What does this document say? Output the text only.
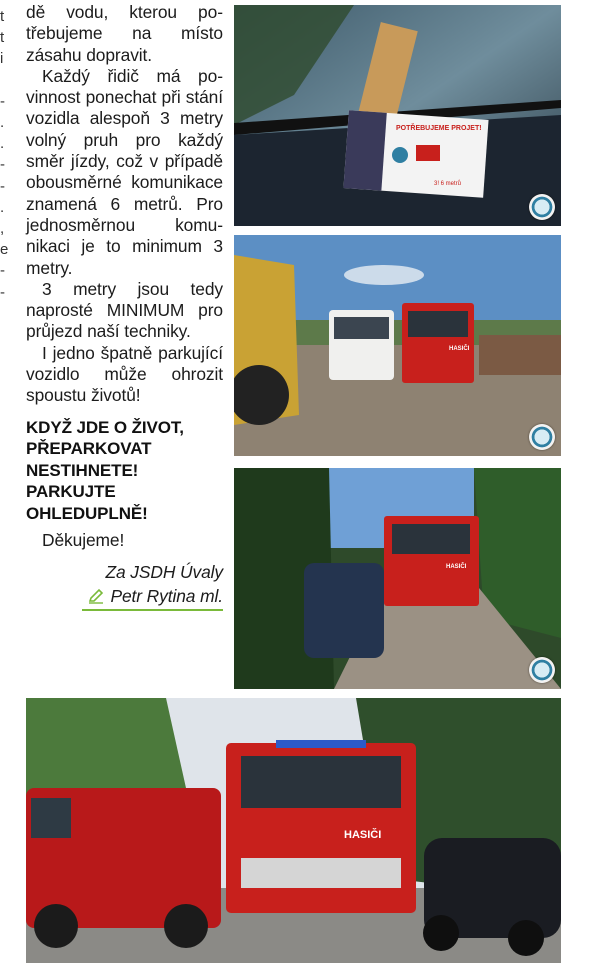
t
t
i

-
.
.
-
-
.
,
e
-
-

dě vodu, kterou potřebujeme na místo zásahu dopravit.

Každý řidič má povinnost ponechat při stání vozidla alespoň 3 metry volný pruh pro každý směr jízdy, což v případě obousměrné komunikace znamená 6 metrů. Pro jednosměrnou komunikaci je to minimum 3 metry.

3 metry jsou tedy naprosté MINIMUM pro průjezd naší techniky.

I jedno špatně parkující vozidlo může ohrozit spoustu životů!

KDYŽ JDE O ŽIVOT, PŘEPARKOVAT NESTIHNETE! PARKUJTE OHLEDUPLNĚ!

Děkujeme!

Za JSDH Úvaly

Petr Rytina ml.

POTŘEBUJEME PROJET!
3! 6 metrů
HASIČI
HASIČI
HASIČI
